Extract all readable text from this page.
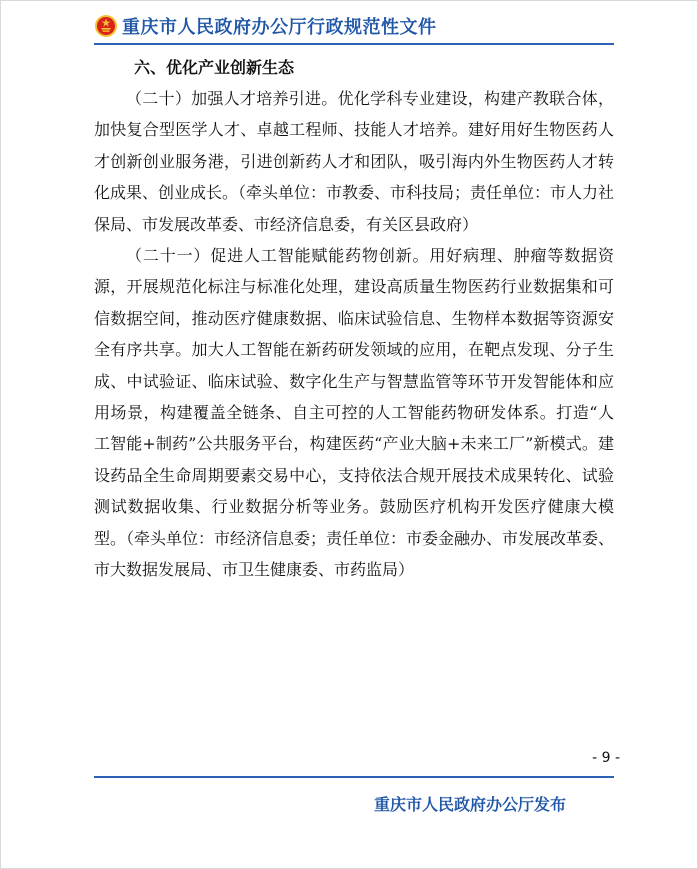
重庆市人民政府办公厅行政规范性文件

六、优化产业创新生态

（二十）加强人才培养引进。优化学科专业建设，构建产教联合体，加快复合型医学人才、卓越工程师、技能人才培养。建好用好生物医药人才创新创业服务港，引进创新药人才和团队，吸引海内外生物医药人才转化成果、创业成长。（牵头单位：市教委、市科技局；责任单位：市人力社保局、市发展改革委、市经济信息委，有关区县政府）

（二十一）促进人工智能赋能药物创新。用好病理、肿瘤等数据资源，开展规范化标注与标准化处理，建设高质量生物医药行业数据集和可信数据空间，推动医疗健康数据、临床试验信息、生物样本数据等资源安全有序共享。加大人工智能在新药研发领域的应用，在靶点发现、分子生成、中试验证、临床试验、数字化生产与智慧监管等环节开发智能体和应用场景，构建覆盖全链条、自主可控的人工智能药物研发体系。打造“人工智能+制药”公共服务平台，构建医药“产业大脑+未来工厂”新模式。建设药品全生命周期要素交易中心，支持依法合规开展技术成果转化、试验测试数据收集、行业数据分析等业务。鼓励医疗机构开发医疗健康大模型。（牵头单位：市经济信息委；责任单位：市委金融办、市发展改革委、市大数据发展局、市卫生健康委、市药监局）

- 9 -
重庆市人民政府办公厅发布
